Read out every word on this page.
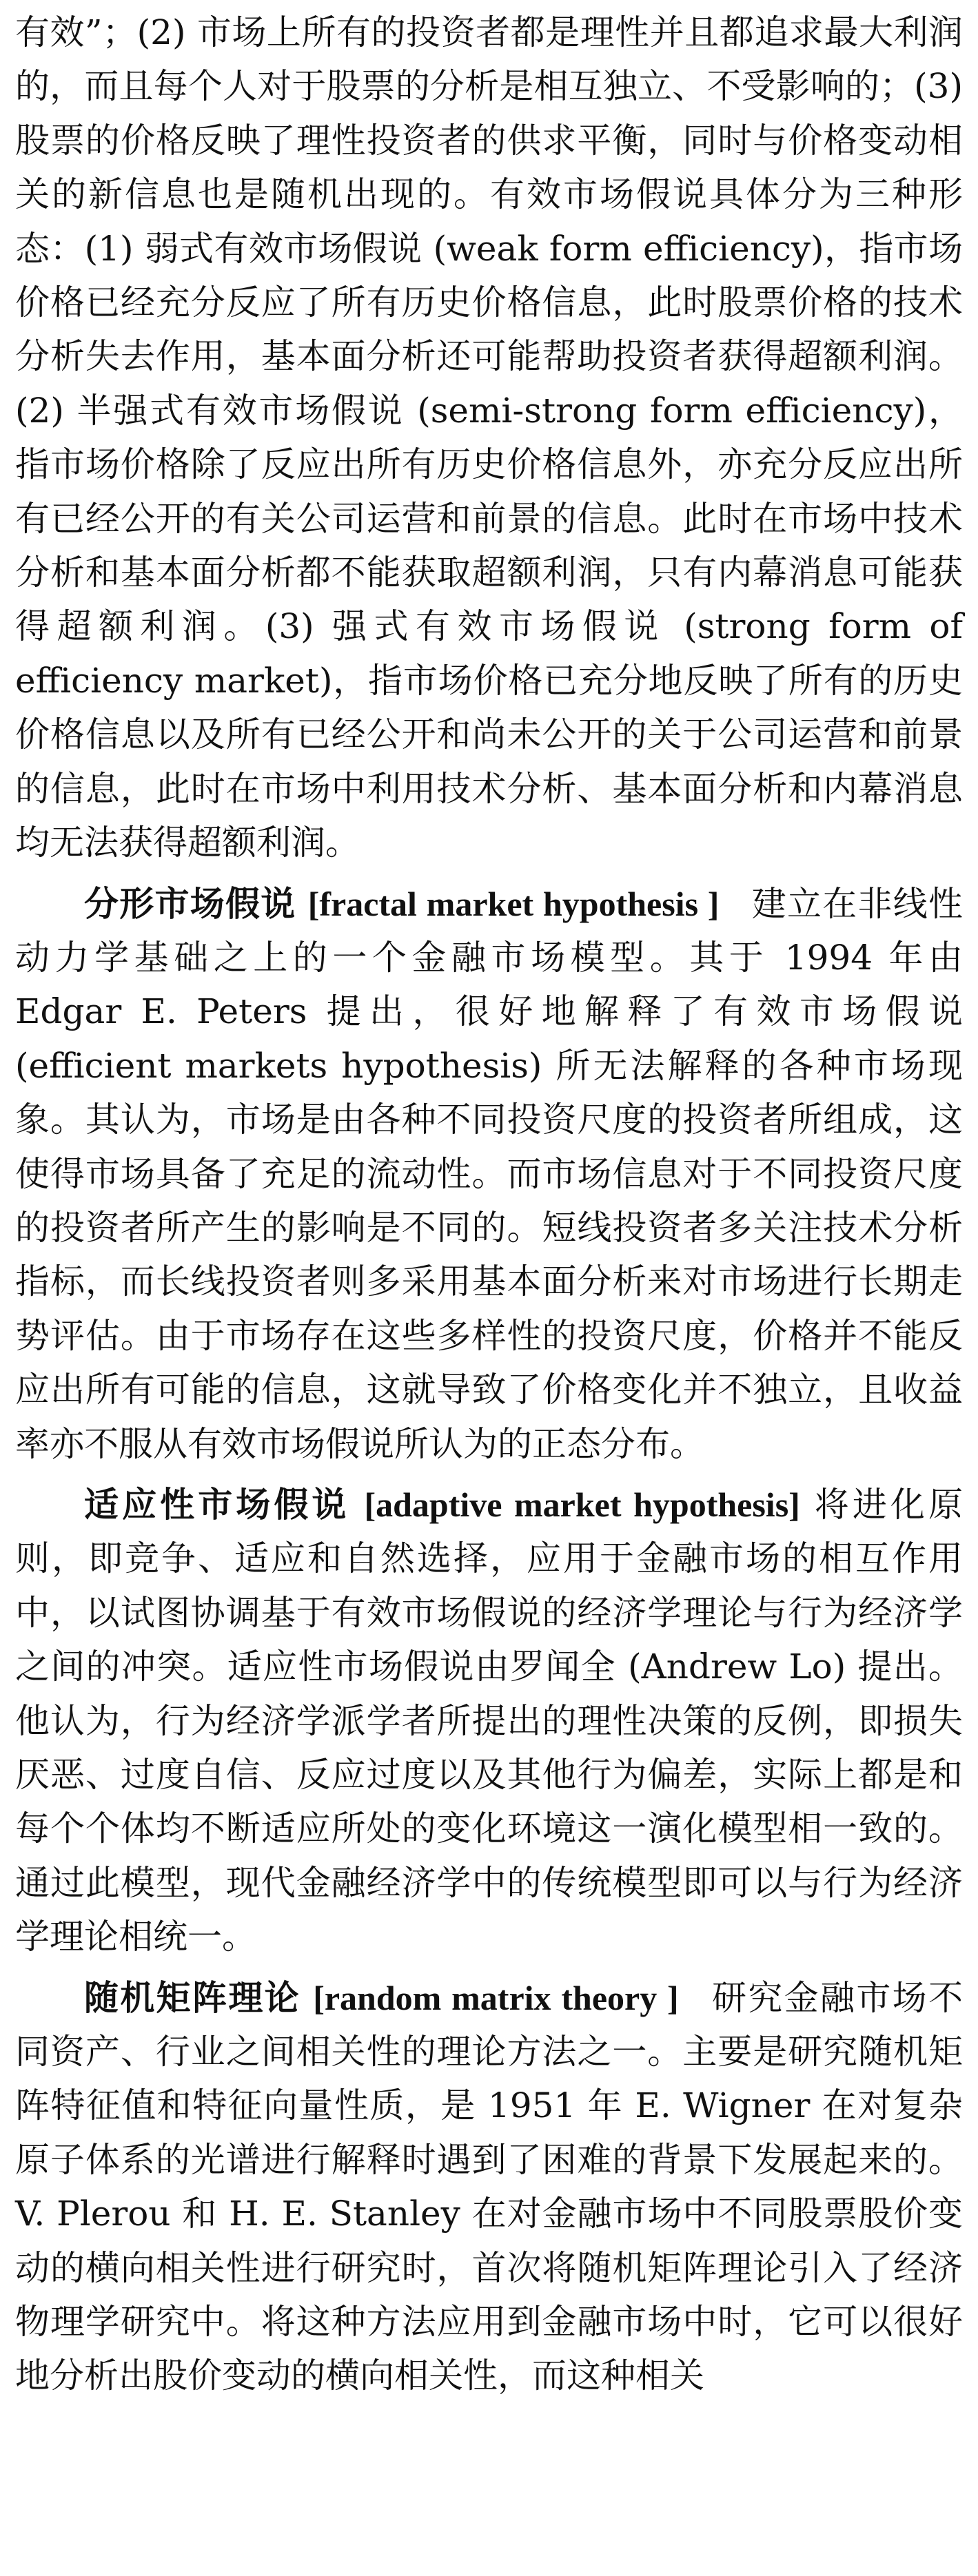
有效”；(2) 市场上所有的投资者都是理性并且都追求最大利润的，而且每个人对于股票的分析是相互独立、不受影响的；(3) 股票的价格反映了理性投资者的供求平衡，同时与价格变动相关的新信息也是随机出现的。有效市场假说具体分为三种形态：(1) 弱式有效市场假说 (weak form efficiency)，指市场价格已经充分反应了所有历史价格信息，此时股票价格的技术分析失去作用，基本面分析还可能帮助投资者获得超额利润。(2) 半强式有效市场假说 (semi-strong form efficiency)，指市场价格除了反应出所有历史价格信息外，亦充分反应出所有已经公开的有关公司运营和前景的信息。此时在市场中技术分析和基本面分析都不能获取超额利润，只有内幕消息可能获得超额利润。(3) 强式有效市场假说 (strong form of efficiency market)，指市场价格已充分地反映了所有的历史价格信息以及所有已经公开和尚未公开的关于公司运营和前景的信息，此时在市场中利用技术分析、基本面分析和内幕消息均无法获得超额利润。

分形市场假说 [fractal market hypothesis ] 建立在非线性动力学基础之上的一个金融市场模型。其于 1994 年由 Edgar E. Peters 提出，很好地解释了有效市场假说 (efficient markets hypothesis) 所无法解释的各种市场现象。其认为，市场是由各种不同投资尺度的投资者所组成，这使得市场具备了充足的流动性。而市场信息对于不同投资尺度的投资者所产生的影响是不同的。短线投资者多关注技术分析指标，而长线投资者则多采用基本面分析来对市场进行长期走势评估。由于市场存在这些多样性的投资尺度，价格并不能反应出所有可能的信息，这就导致了价格变化并不独立，且收益率亦不服从有效市场假说所认为的正态分布。

适应性市场假说 [adaptive market hypothesis] 将进化原则，即竞争、适应和自然选择，应用于金融市场的相互作用中，以试图协调基于有效市场假说的经济学理论与行为经济学之间的冲突。适应性市场假说由罗闻全 (Andrew Lo) 提出。他认为，行为经济学派学者所提出的理性决策的反例，即损失厌恶、过度自信、反应过度以及其他行为偏差，实际上都是和每个个体均不断适应所处的变化环境这一演化模型相一致的。通过此模型，现代金融经济学中的传统模型即可以与行为经济学理论相统一。

随机矩阵理论 [random matrix theory ] 研究金融市场不同资产、行业之间相关性的理论方法之一。主要是研究随机矩阵特征值和特征向量性质，是 1951 年 E. Wigner 在对复杂原子体系的光谱进行解释时遇到了困难的背景下发展起来的。V. Plerou 和 H. E. Stanley 在对金融市场中不同股票股价变动的横向相关性进行研究时，首次将随机矩阵理论引入了经济物理学研究中。将这种方法应用到金融市场中时，它可以很好地分析出股价变动的横向相关性，而这种相关
